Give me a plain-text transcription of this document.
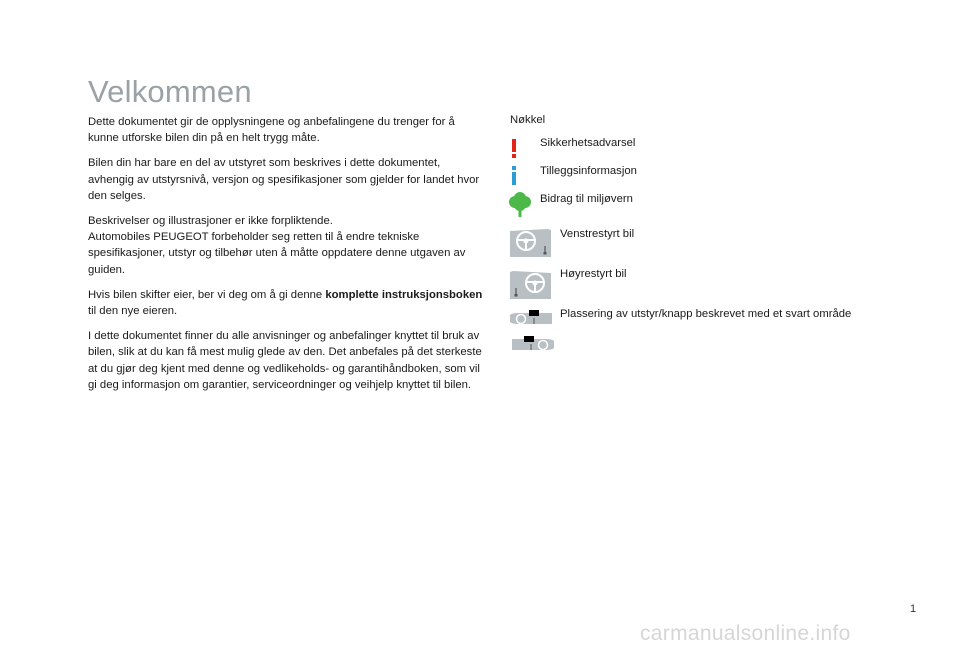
Velkommen

Dette dokumentet gir de opplysningene og anbefalingene du trenger for å kunne utforske bilen din på en helt trygg måte.

Bilen din har bare en del av utstyret som beskrives i dette dokumentet, avhengig av utstyrsnivå, versjon og spesifikasjoner som gjelder for landet hvor den selges.

Beskrivelser og illustrasjoner er ikke forpliktende.
Automobiles PEUGEOT forbeholder seg retten til å endre tekniske spesifikasjoner, utstyr og tilbehør uten å måtte oppdatere denne utgaven av guiden.

Hvis bilen skifter eier, ber vi deg om å gi denne komplette instruksjonsboken til den nye eieren.

I dette dokumentet finner du alle anvisninger og anbefalinger knyttet til bruk av bilen, slik at du kan få mest mulig glede av den. Det anbefales på det sterkeste at du gjør deg kjent med denne og vedlikeholds- og garantihåndboken, som vil gi deg informasjon om garantier, serviceordninger og veihjelp knyttet til bilen.

Nøkkel
Sikkerhetsadvarsel
Tilleggsinformasjon
Bidrag til miljøvern
Venstrestyrt bil
Høyrestyrt bil
Plassering av utstyr/knapp beskrevet med et svart område
1
carmanualsonline.info
